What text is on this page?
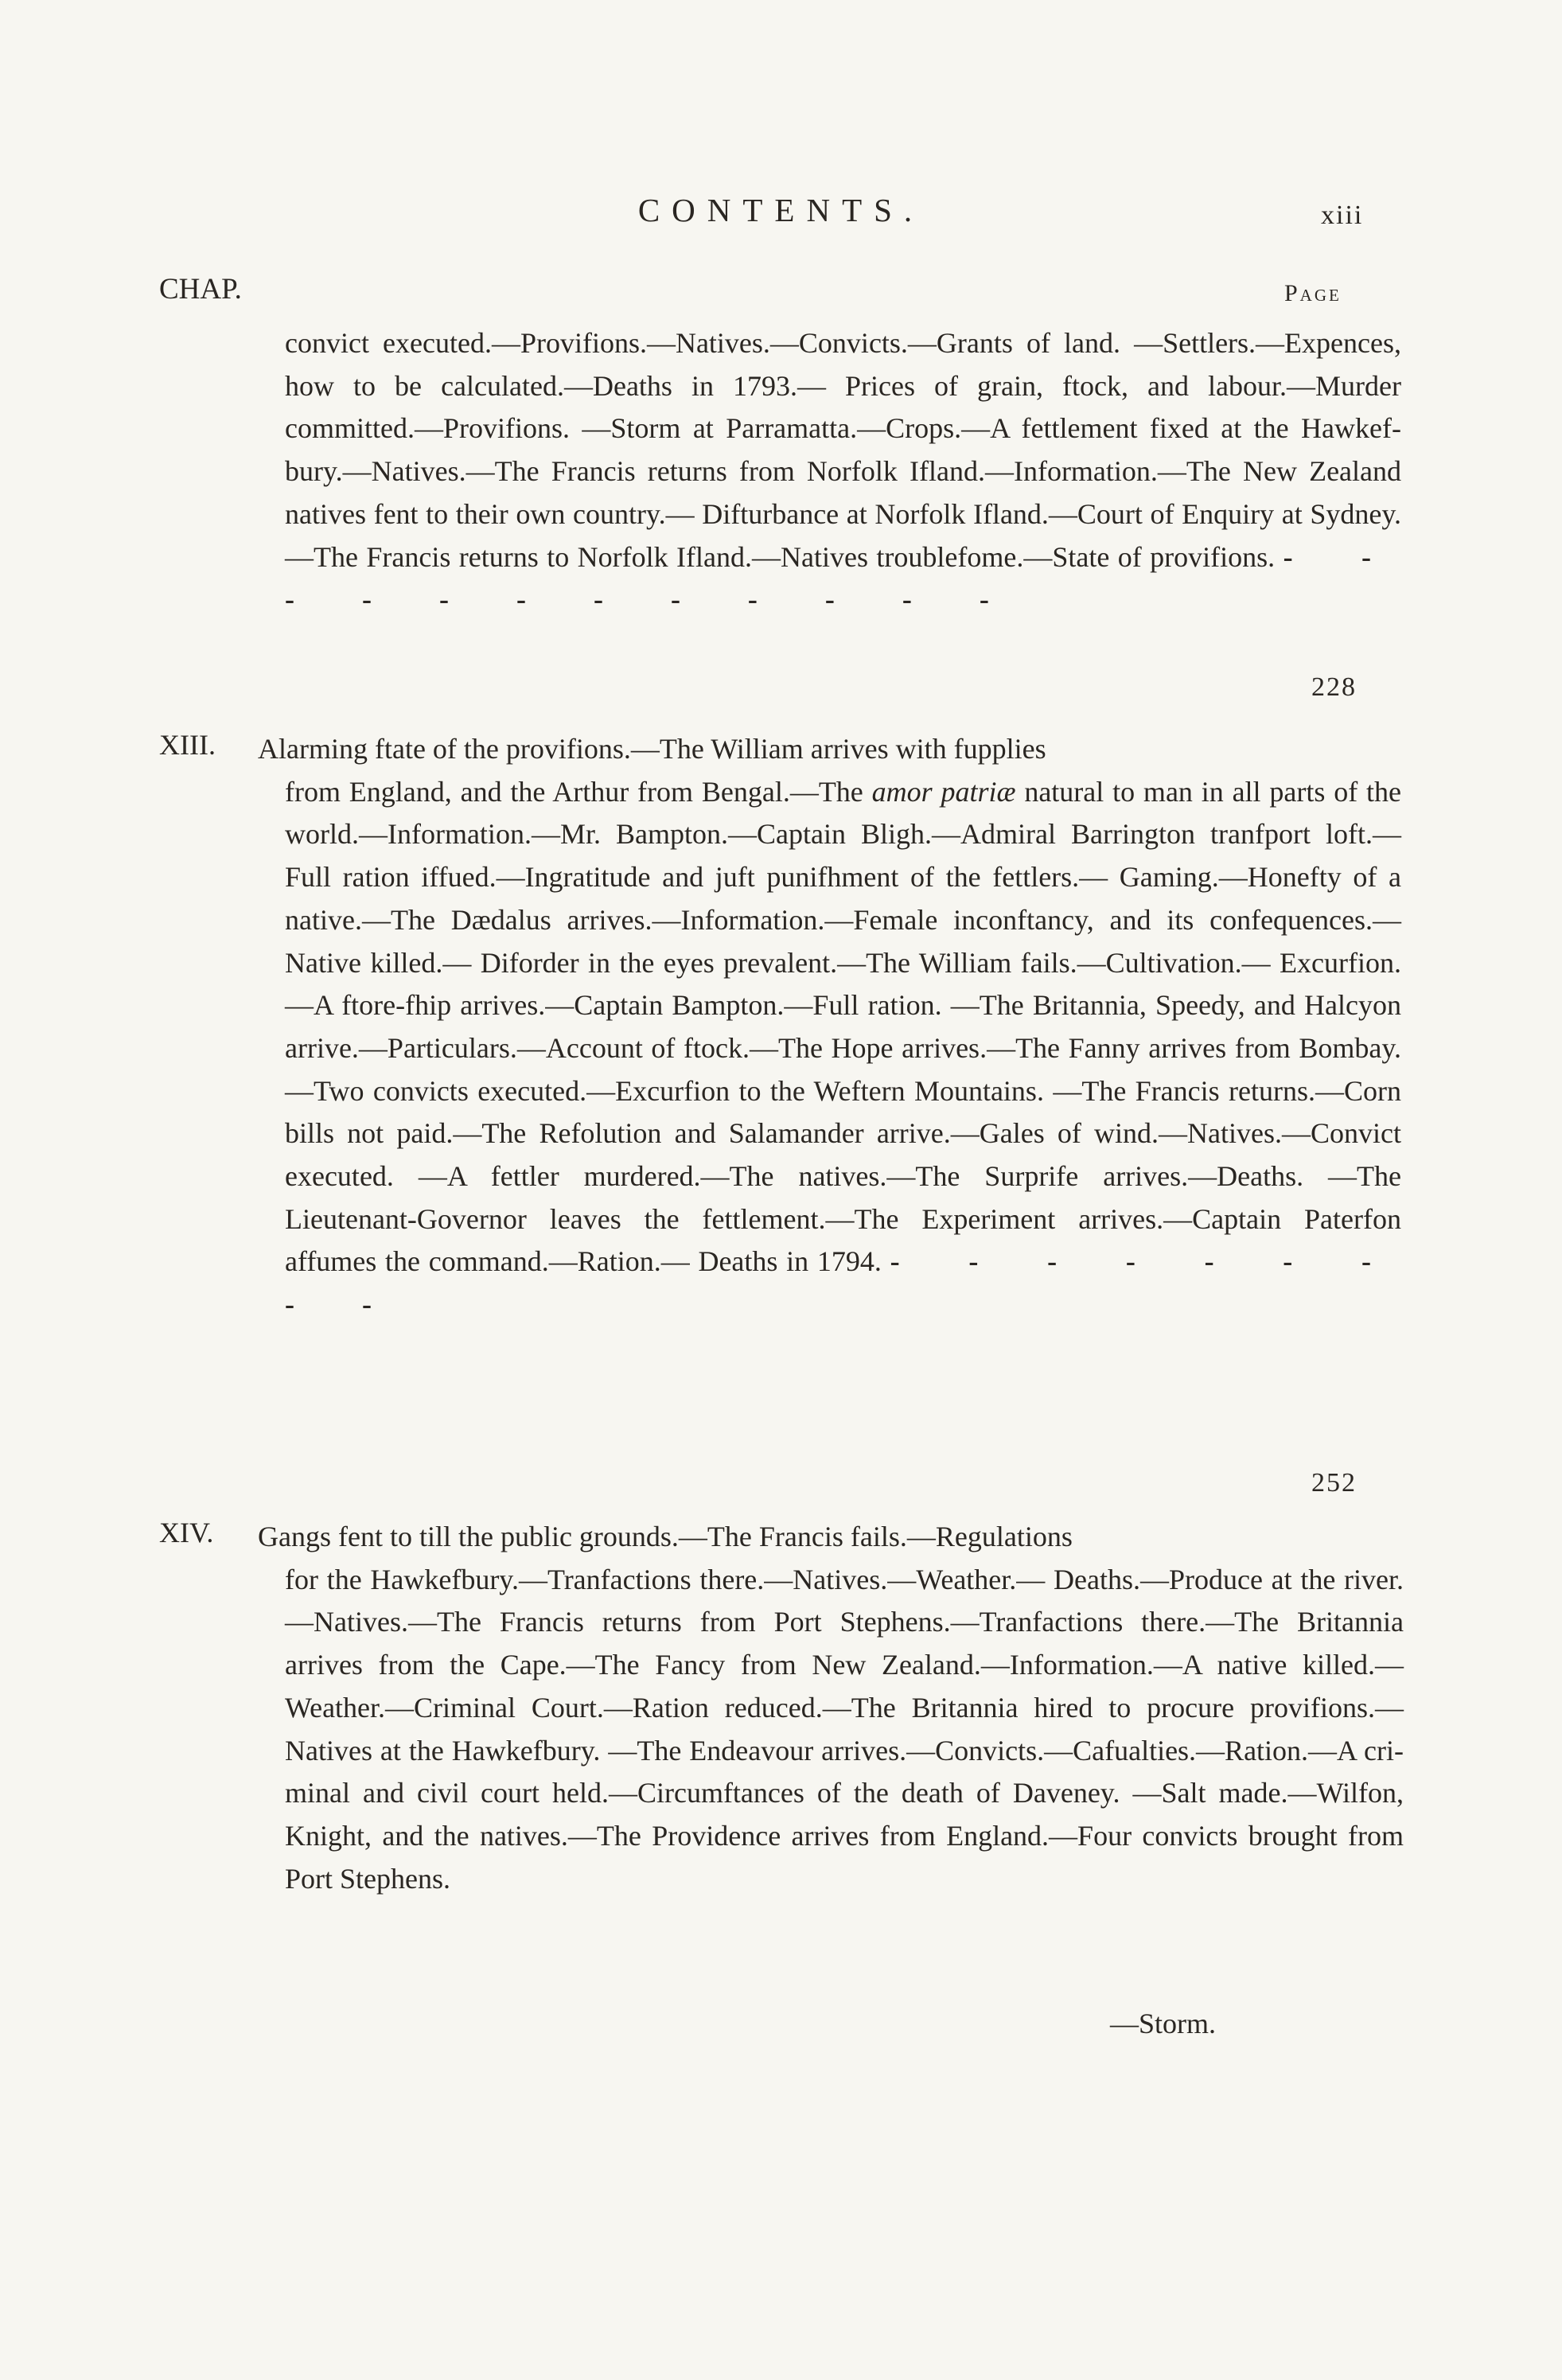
CONTENTS.	xiii
CHAP.	Page
convict executed.—Provifions.—Natives.—Convicts.—Grants of land. —Settlers.—Expences, how to be calculated.—Deaths in 1793.— Prices of grain, ftock, and labour.—Murder committed.—Provifions. —Storm at Parramatta.—Crops.—A fettlement fixed at the Hawkefbury.—Natives.—The Francis returns from Norfolk Ifland.—Information.—The New Zealand natives fent to their own country.— Difturbance at Norfolk Ifland.—Court of Enquiry at Sydney.—The Francis returns to Norfolk Ifland.—Natives troublefome.—State of provifions. - - - - - - - - - - - -
228
XIII. Alarming ftate of the provifions.—The William arrives with fupplies
from England, and the Arthur from Bengal.—The amor patriæ natural to man in all parts of the world.—Information.—Mr. Bampton.—Captain Bligh.—Admiral Barrington tranfport loft.—Full ration iffued.—Ingratitude and juft punifhment of the fettlers.— Gaming.—Honefty of a native.—The Dædalus arrives.—Information.—Female inconftancy, and its confequences.—Native killed.— Diforder in the eyes prevalent.—The William fails.—Cultivation.— Excurfion.—A ftore-fhip arrives.—Captain Bampton.—Full ration. —The Britannia, Speedy, and Halcyon arrive.—Particulars.—Account of ftock.—The Hope arrives.—The Fanny arrives from Bombay.—Two convicts executed.—Excurfion to the Weftern Mountains. —The Francis returns.—Corn bills not paid.—The Refolution and Salamander arrive.—Gales of wind.—Natives.—Convict executed. —A fettler murdered.—The natives.—The Surprife arrives.—Deaths. —The Lieutenant-Governor leaves the fettlement.—The Experiment arrives.—Captain Paterfon affumes the command.—Ration.— Deaths in 1794. - - - - - - - - -
252
XIV. Gangs fent to till the public grounds.—The Francis fails.—Regulations
for the Hawkefbury.—Tranfactions there.—Natives.—Weather.— Deaths.—Produce at the river.—Natives.—The Francis returns from Port Stephens.—Tranfactions there.—The Britannia arrives from the Cape.—The Fancy from New Zealand.—Information.—A native killed.—Weather.—Criminal Court.—Ration reduced.—The Britannia hired to procure provifions.—Natives at the Hawkefbury. —The Endeavour arrives.—Convicts.—Cafualties.—Ration.—A criminal and civil court held.—Circumftances of the death of Daveney. —Salt made.—Wilfon, Knight, and the natives.—The Providence arrives from England.—Four convicts brought from Port Stephens.
—Storm.
